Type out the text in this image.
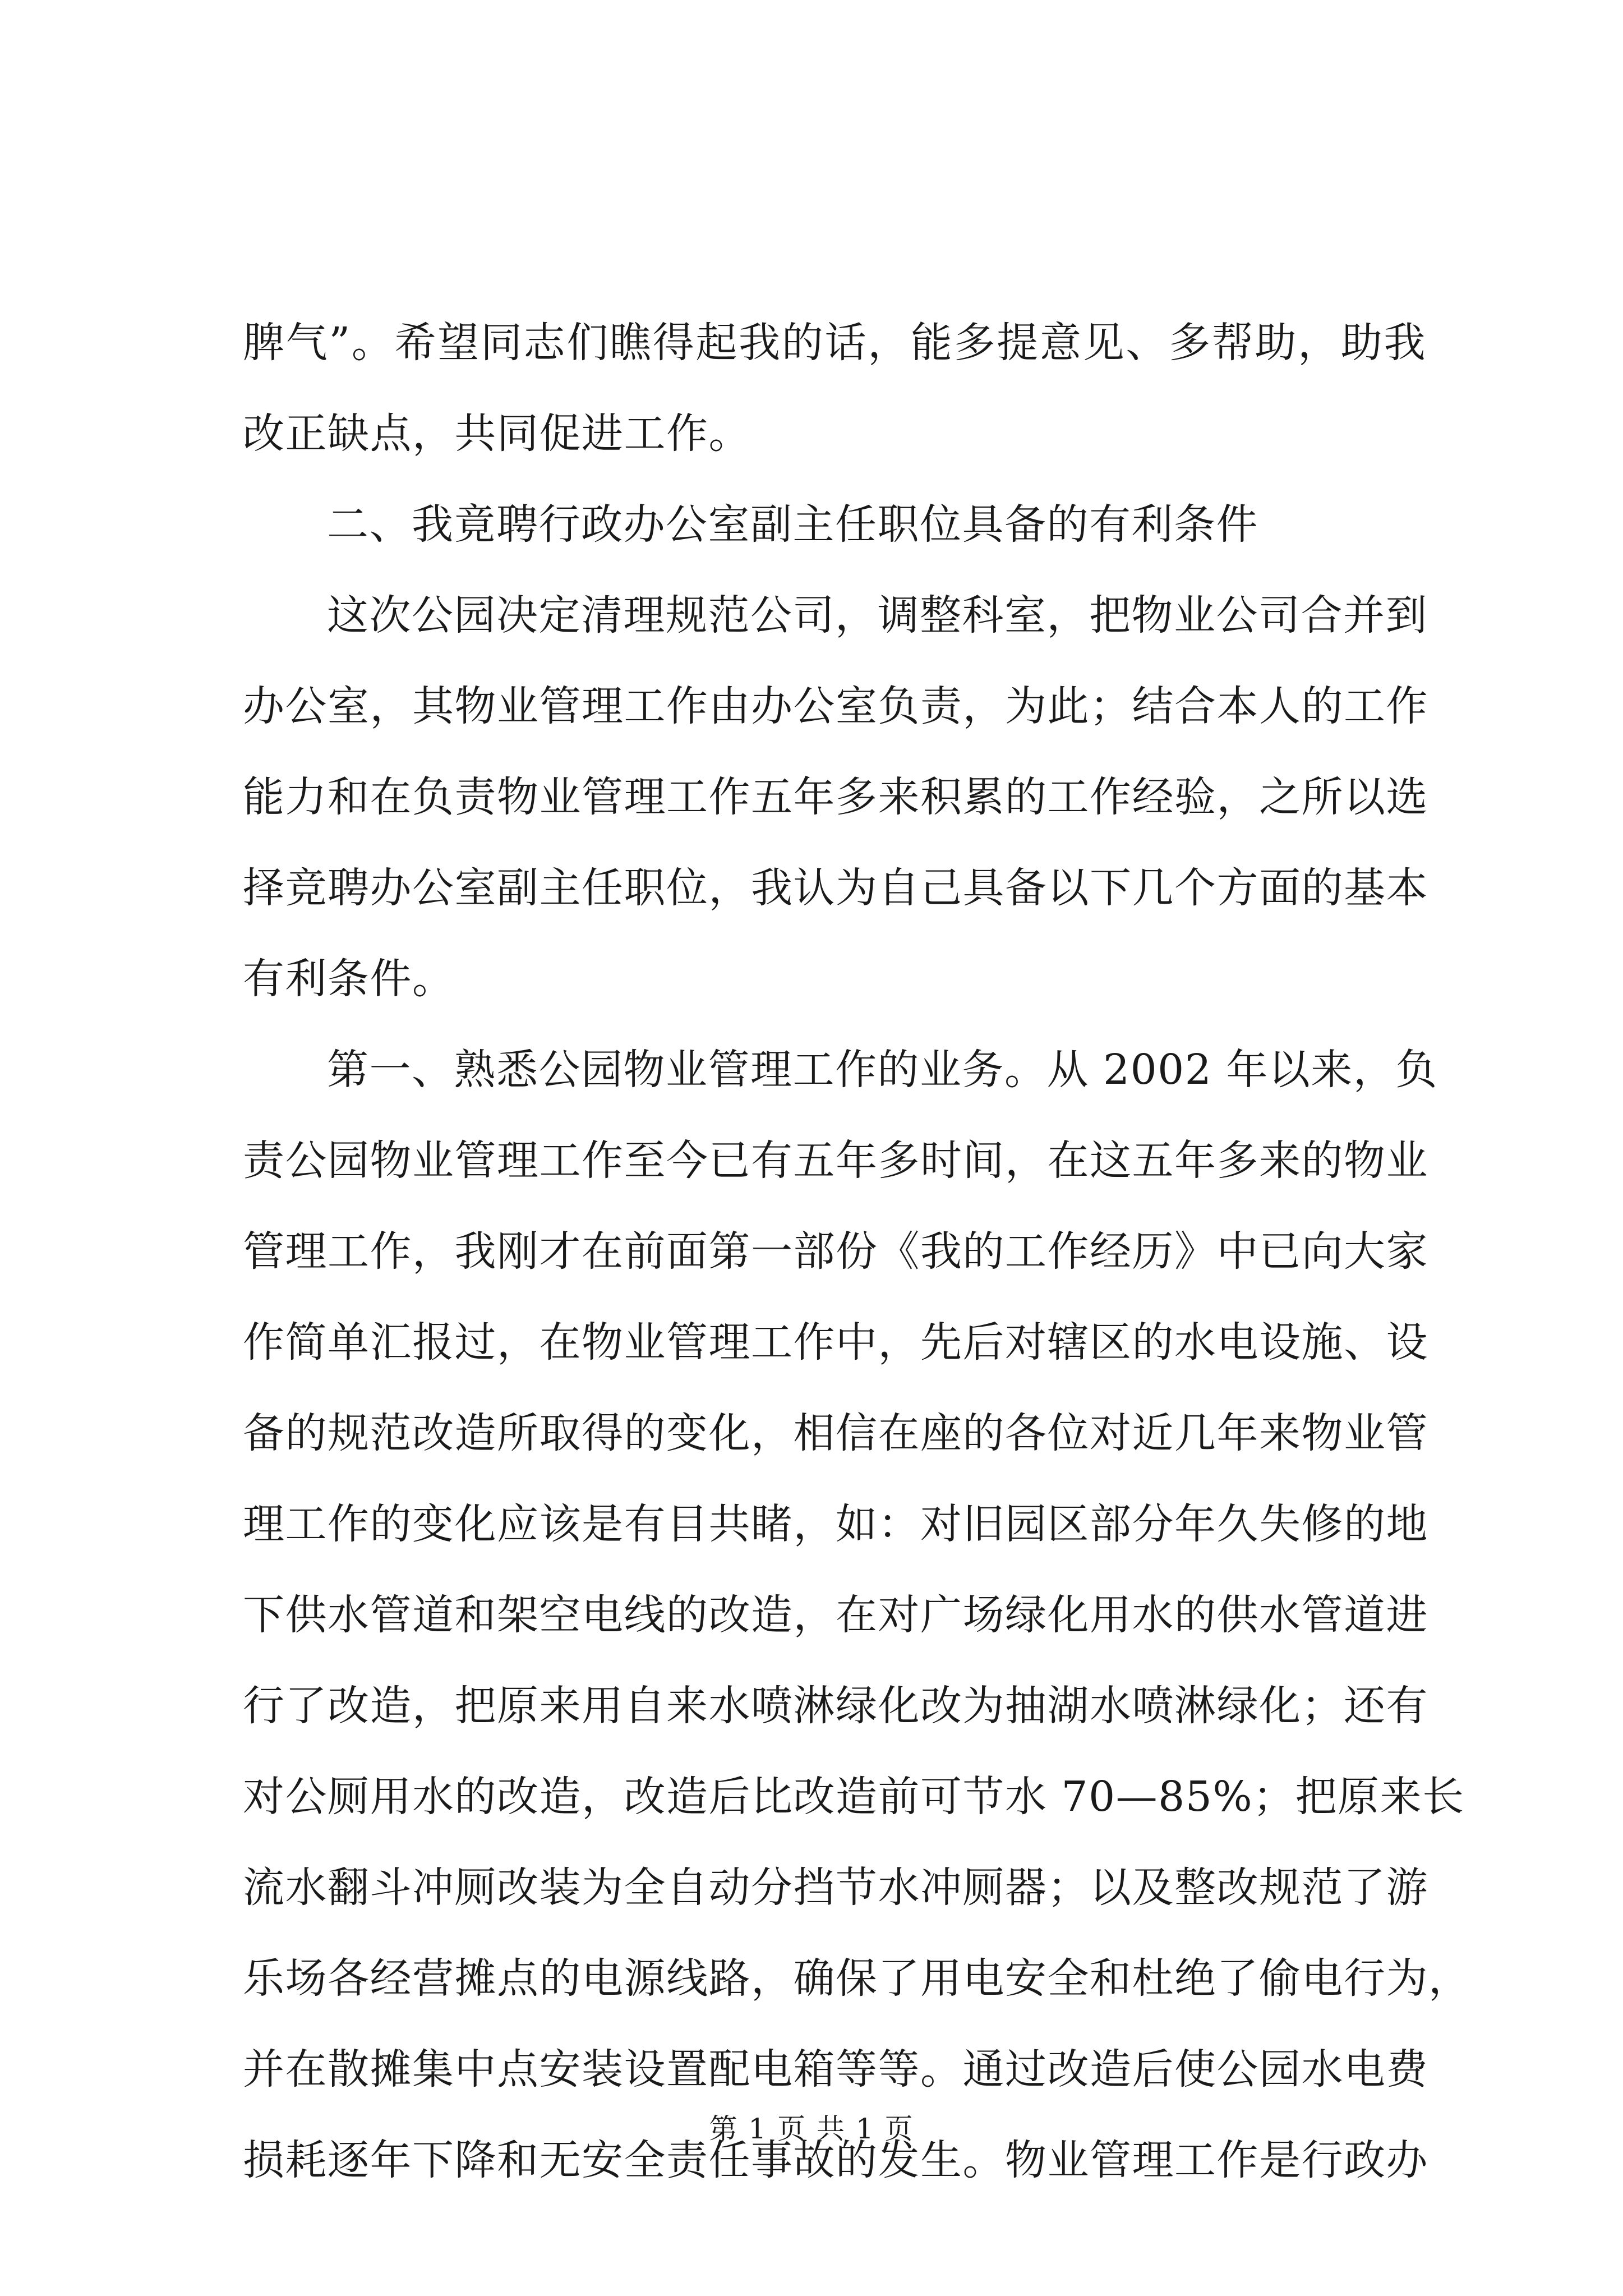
脾气”。希望同志们瞧得起我的话，能多提意见、多帮助，助我
改正缺点，共同促进工作。
二、我竟聘行政办公室副主任职位具备的有利条件
这次公园决定清理规范公司，调整科室，把物业公司合并到
办公室，其物业管理工作由办公室负责，为此；结合本人的工作
能力和在负责物业管理工作五年多来积累的工作经验，之所以选
择竞聘办公室副主任职位，我认为自己具备以下几个方面的基本
有利条件。
第一、熟悉公园物业管理工作的业务。从 2002 年以来，负
责公园物业管理工作至今已有五年多时间，在这五年多来的物业
管理工作，我刚才在前面第一部份《我的工作经历》中已向大家
作简单汇报过，在物业管理工作中，先后对辖区的水电设施、设
备的规范改造所取得的变化，相信在座的各位对近几年来物业管
理工作的变化应该是有目共睹，如：对旧园区部分年久失修的地
下供水管道和架空电线的改造，在对广场绿化用水的供水管道进
行了改造，把原来用自来水喷淋绿化改为抽湖水喷淋绿化；还有
对公厕用水的改造，改造后比改造前可节水 70—85%；把原来长
流水翻斗冲厕改装为全自动分挡节水冲厕器；以及整改规范了游
乐场各经营摊点的电源线路，确保了用电安全和杜绝了偷电行为，
并在散摊集中点安装设置配电箱等等。通过改造后使公园水电费
损耗逐年下降和无安全责任事故的发生。物业管理工作是行政办
第 1 页 共 1 页
